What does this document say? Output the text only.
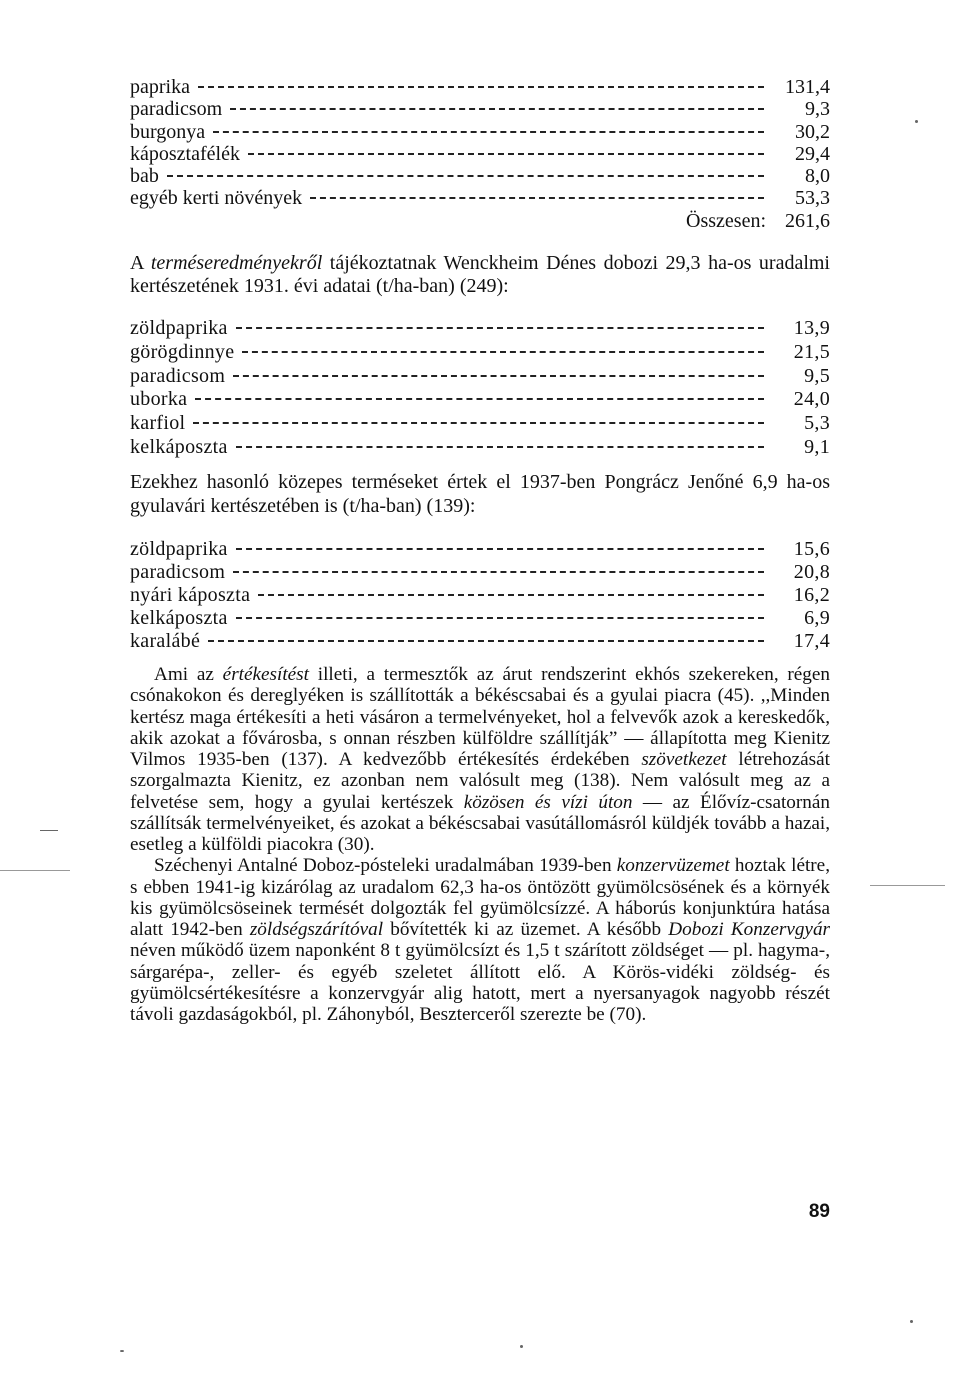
paprika	131,4
paradicsom	9,3
burgonya	30,2
káposztafélék	29,4
bab	8,0
egyéb kerti növények	53,3
Összesen: 261,6

A terméseredményekről tájékoztatnak Wenckheim Dénes dobozi 29,3 ha-os uradalmi kertészetének 1931. évi adatai (t/ha-ban) (249):

zöldpaprika	13,9
görögdinnye	21,5
paradicsom	9,5
uborka	24,0
karfiol	5,3
kelkáposzta	9,1

Ezekhez hasonló közepes terméseket értek el 1937-ben Pongrácz Jenőné 6,9 ha-os gyulavári kertészetében is (t/ha-ban) (139):

zöldpaprika	15,6
paradicsom	20,8
nyári káposzta	16,2
kelkáposzta	6,9
karalábé	17,4

Ami az értékesítést illeti, a termesztők az árut rendszerint ekhós szekereken, régen csónakokon és dereglyéken is szállították a békéscsabai és a gyulai piacra (45). ,,Minden kertész maga értékesíti a heti vásáron a termelvényeket, hol a felvevők azok a kereskedők, akik azokat a fővárosba, s onnan részben külföldre szállítják” — állapította meg Kienitz Vilmos 1935-ben (137). A kedvezőbb értékesítés érdekében szövetkezet létrehozását szorgalmazta Kienitz, ez azonban nem valósult meg (138). Nem valósult meg az a felvetése sem, hogy a gyulai kertészek közösen és vízi úton — az Élővíz-csatornán szállítsák termelvényeiket, és azokat a békéscsabai vasútállomásról küldjék tovább a hazai, esetleg a külföldi piacokra (30).

Széchenyi Antalné Doboz-pósteleki uradalmában 1939-ben konzervüzemet hoztak létre, s ebben 1941-ig kizárólag az uradalom 62,3 ha-os öntözött gyümölcsösének és a környék kis gyümölcsöseinek termését dolgozták fel gyümölcsízzé. A háborús konjunktúra hatása alatt 1942-ben zöldségszárítóval bővítették ki az üzemet. A később Dobozi Konzervgyár néven működő üzem naponként 8 t gyümölcsízt és 1,5 t szárított zöldséget — pl. hagyma-, sárgarépa-, zeller- és egyéb szeletet állított elő. A Körös-vidéki zöldség- és gyümölcsértékesítésre a konzervgyár alig hatott, mert a nyersanyagok nagyobb részét távoli gazdaságokból, pl. Záhonyból, Beszterceről szerezte be (70).

89
